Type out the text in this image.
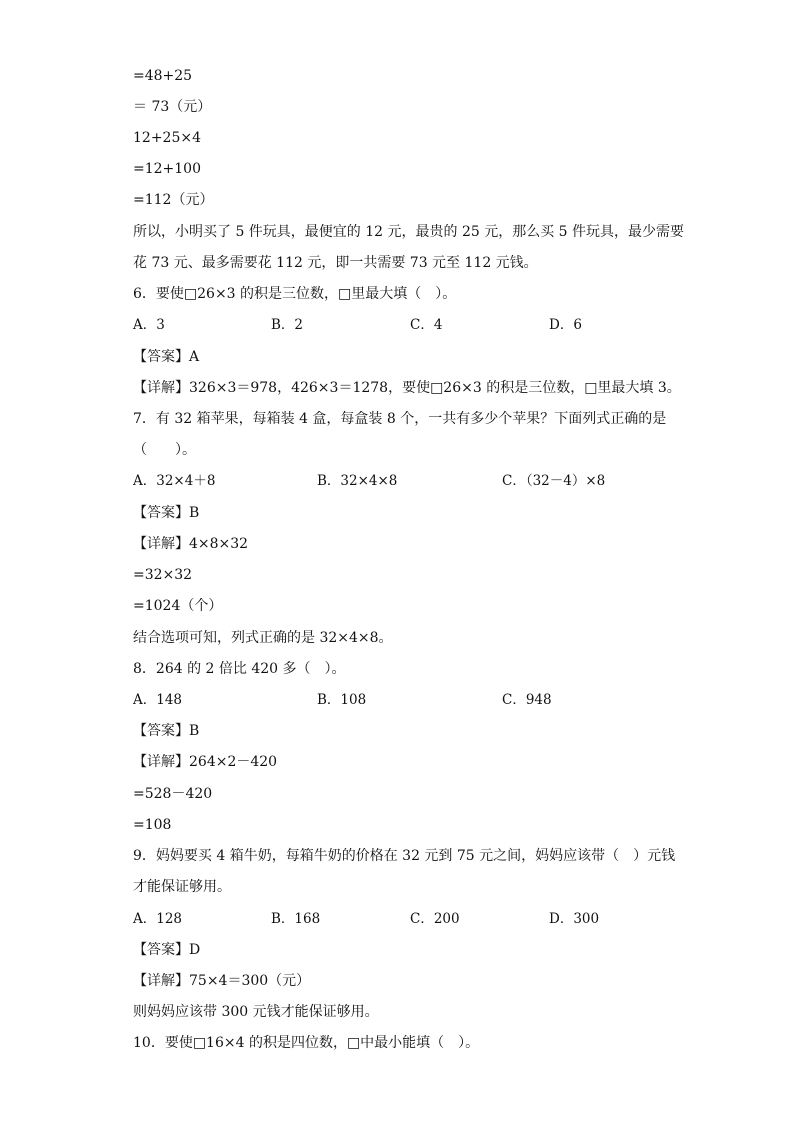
=48+25
＝ 73（元）
12+25×4
=12+100
=112（元）
所以，小明买了 5 件玩具，最便宜的 12 元，最贵的 25 元，那么买 5 件玩具，最少需要
花 73 元、最多需要花 112 元，即一共需要 73 元至 112 元钱。
6．要使□26×3 的积是三位数，□里最大填（　）。
A．3	B．2	C．4	D．6
【答案】A
【详解】326×3＝978，426×3＝1278，要使□26×3 的积是三位数，□里最大填 3。
7．有 32 箱苹果，每箱装 4 盒，每盒装 8 个，一共有多少个苹果？下面列式正确的是
（　　）。
A．32×4＋8	B．32×4×8	C．（32－4）×8
【答案】B
【详解】4×8×32
=32×32
=1024（个）
结合选项可知，列式正确的是 32×4×8。
8．264 的 2 倍比 420 多（　）。
A．148	B．108	C．948
【答案】B
【详解】264×2－420
=528－420
=108
9．妈妈要买 4 箱牛奶，每箱牛奶的价格在 32 元到 75 元之间，妈妈应该带（　）元钱
才能保证够用。
A．128	B．168	C．200	D．300
【答案】D
【详解】75×4＝300（元）
则妈妈应该带 300 元钱才能保证够用。
10．要使□16×4 的积是四位数，□中最小能填（　）。
